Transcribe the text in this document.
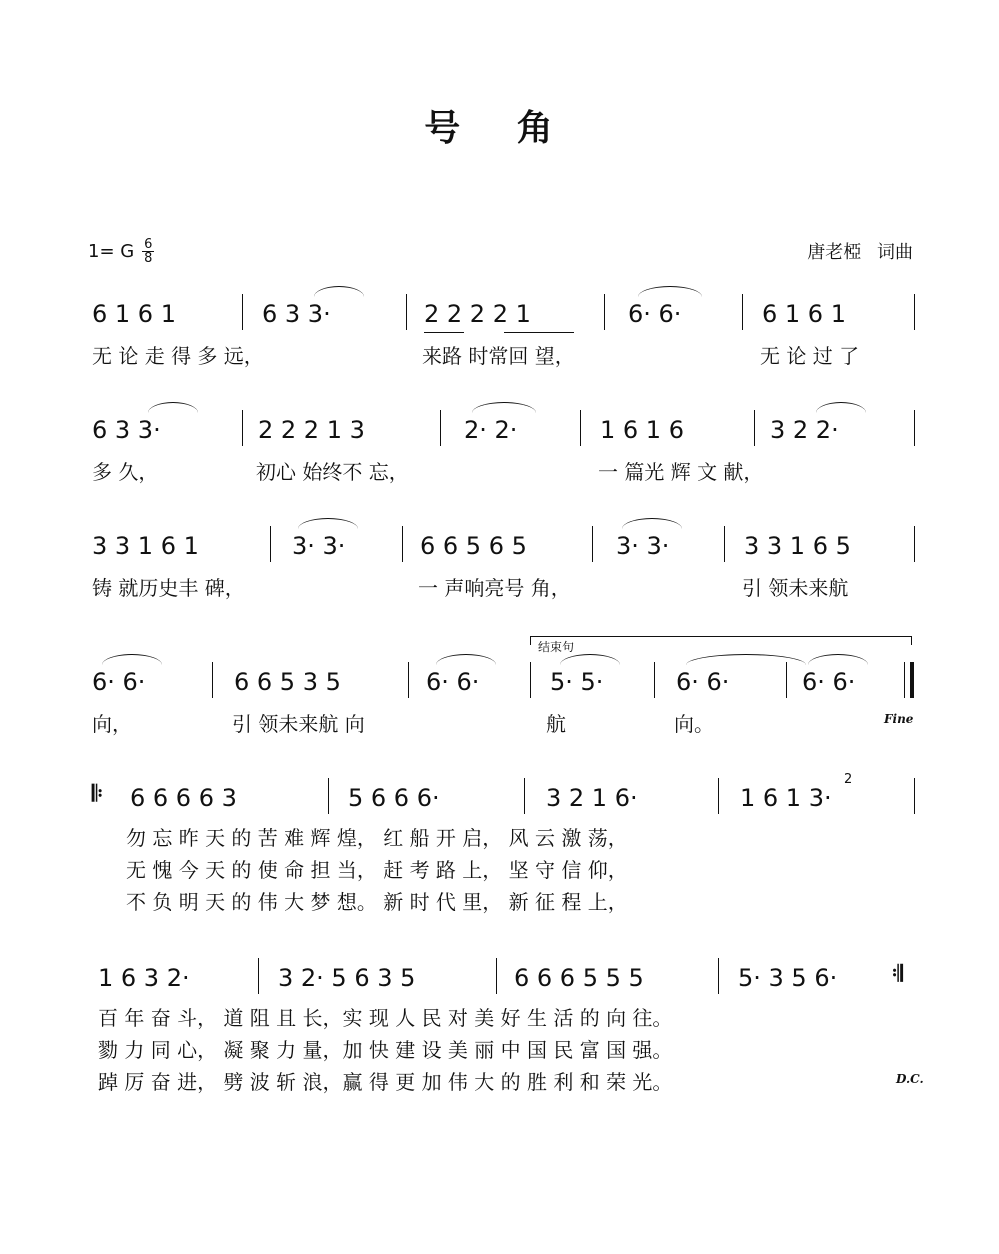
号 角
1= G 6
8	唐老椏 词曲
6 1 6 1	6 3 3·	2 2 2 2 1	6· 6·	6 1 6 1
无 论 走 得 多 远，	来路 时常回 望，	无 论 过 了
6 3 3·	2 2 2 1 3	2· 2·	1 6 1 6	3 2 2·
多 久，	初心 始终不 忘，	一 篇光 辉 文 献，
3 3 1 6 1	3· 3·	6 6 5 6 5	3· 3·	3 3 1 6 5
铸 就历史丰 碑，	一 声响亮号 角，	引 领未来航
结束句
6· 6·	6 6 5 3 5	6· 6·	5· 5·	6· 6·	6· 6·
向，	引 领未来航 向	航	向。	Fine
𝄆 6 6 6 6 3	5 6 6 6·	3 2 1 6·	1 6 1 3·
2
勿 忘 昨 天 的 苦 难 辉 煌， 红 船 开 启， 风 云 激 荡，
无 愧 今 天 的 使 命 担 当， 赶 考 路 上， 坚 守 信 仰，
不 负 明 天 的 伟 大 梦 想。 新 时 代 里， 新 征 程 上，
1 6 3 2·	3 2· 5 6 3 5	6 6 6 5 5 5	5· 3 5 6· 𝄇
百 年 奋 斗， 道 阻 且 长，实 现 人 民 对 美 好 生 活 的 向 往。
勠 力 同 心， 凝 聚 力 量，加 快 建 设 美 丽 中 国 民 富 国 强。
踔 厉 奋 进， 劈 波 斩 浪，赢 得 更 加 伟 大 的 胜 利 和 荣 光。	D.C.
